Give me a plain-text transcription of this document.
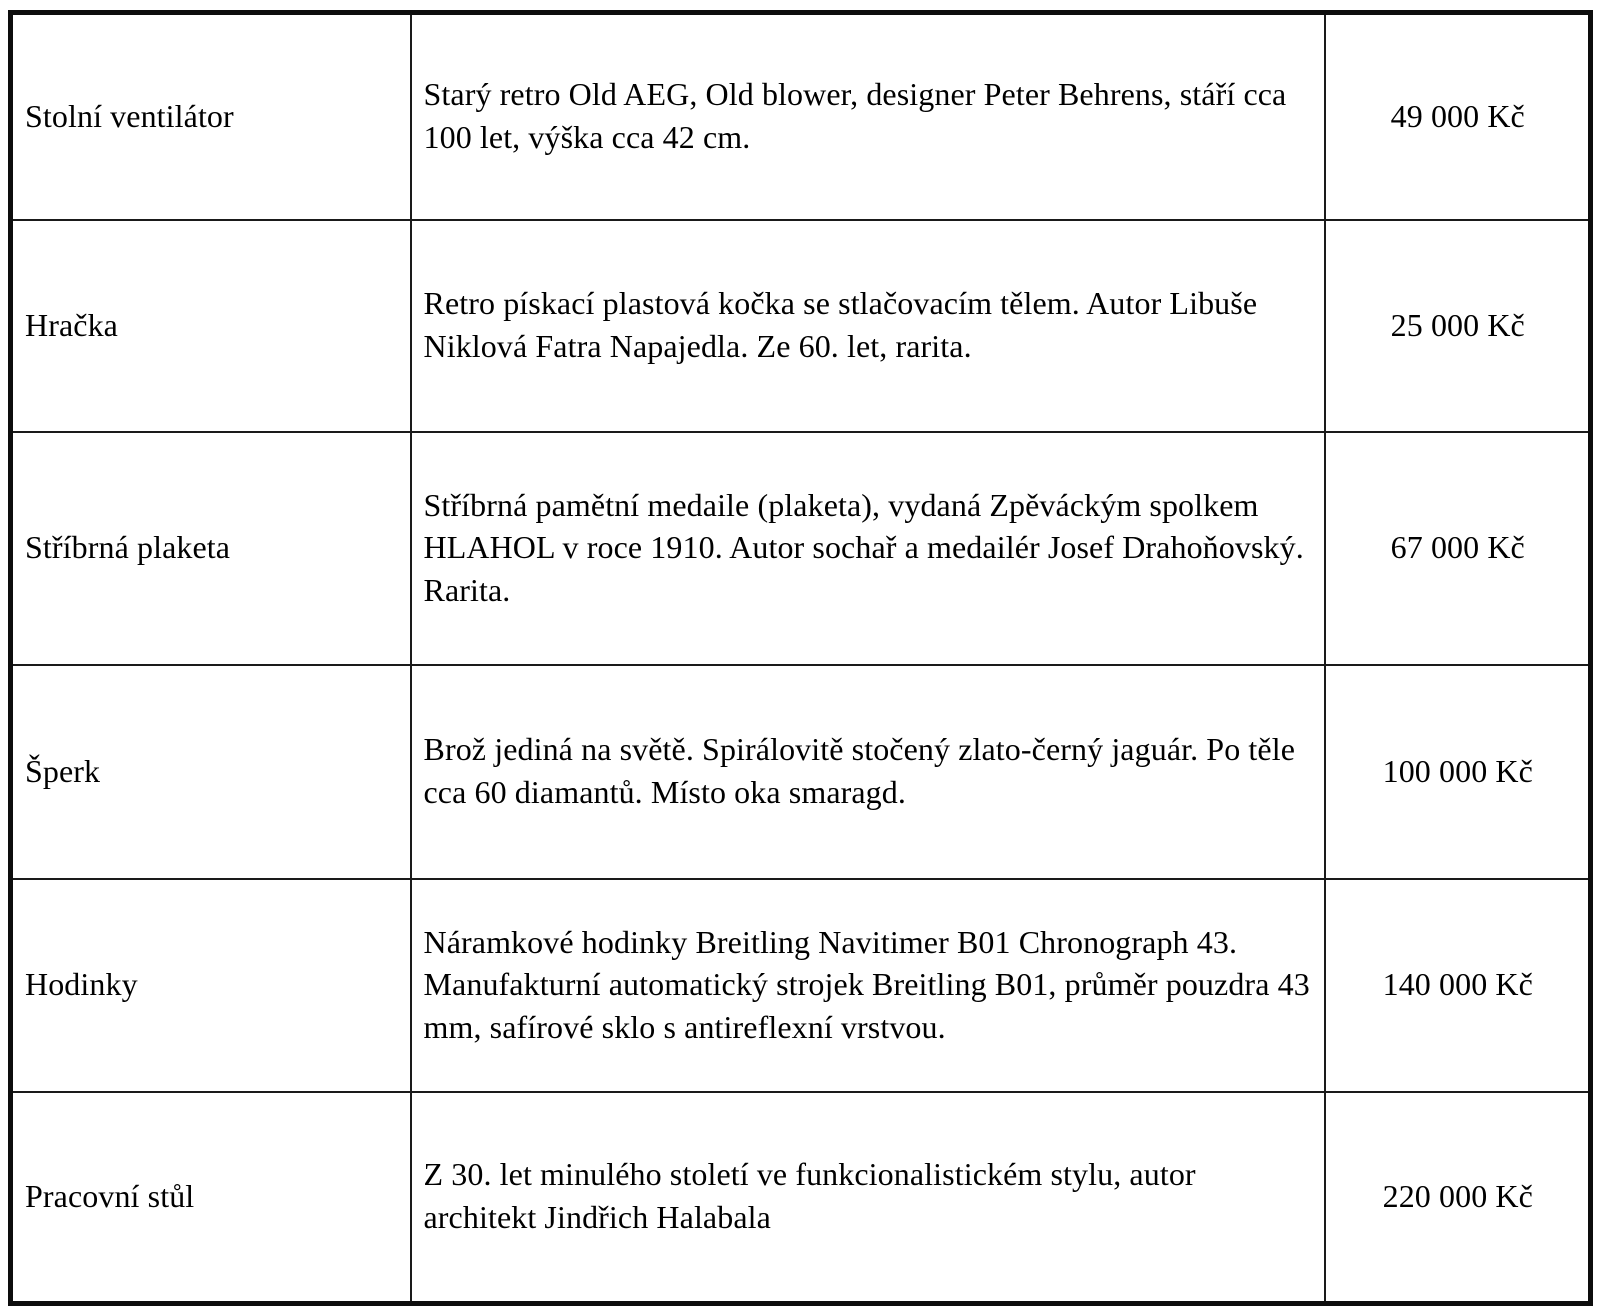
Stolní ventilátor	Starý retro Old AEG, Old blower, designer Peter Behrens, stáří cca 100 let, výška cca 42 cm.	49 000 Kč
Hračka	Retro pískací plastová kočka se stlačovacím tělem. Autor Libuše Niklová Fatra Napajedla. Ze 60. let, rarita.	25 000 Kč
Stříbrná plaketa	Stříbrná pamětní medaile (plaketa), vydaná Zpěváckým spolkem HLAHOL v roce 1910. Autor sochař a medailér Josef Drahoňovský. Rarita.	67 000 Kč
Šperk	Brož jediná na světě. Spirálovitě stočený zlato-černý jaguár. Po těle cca 60 diamantů. Místo oka smaragd.	100 000 Kč
Hodinky	Náramkové hodinky Breitling Navitimer B01 Chronograph 43. Manufakturní automatický strojek Breitling B01, průměr pouzdra 43 mm, safírové sklo s antireflexní vrstvou.	140 000 Kč
Pracovní stůl	Z 30. let minulého století ve funkcionalistickém stylu, autor architekt Jindřich Halabala	220 000 Kč
